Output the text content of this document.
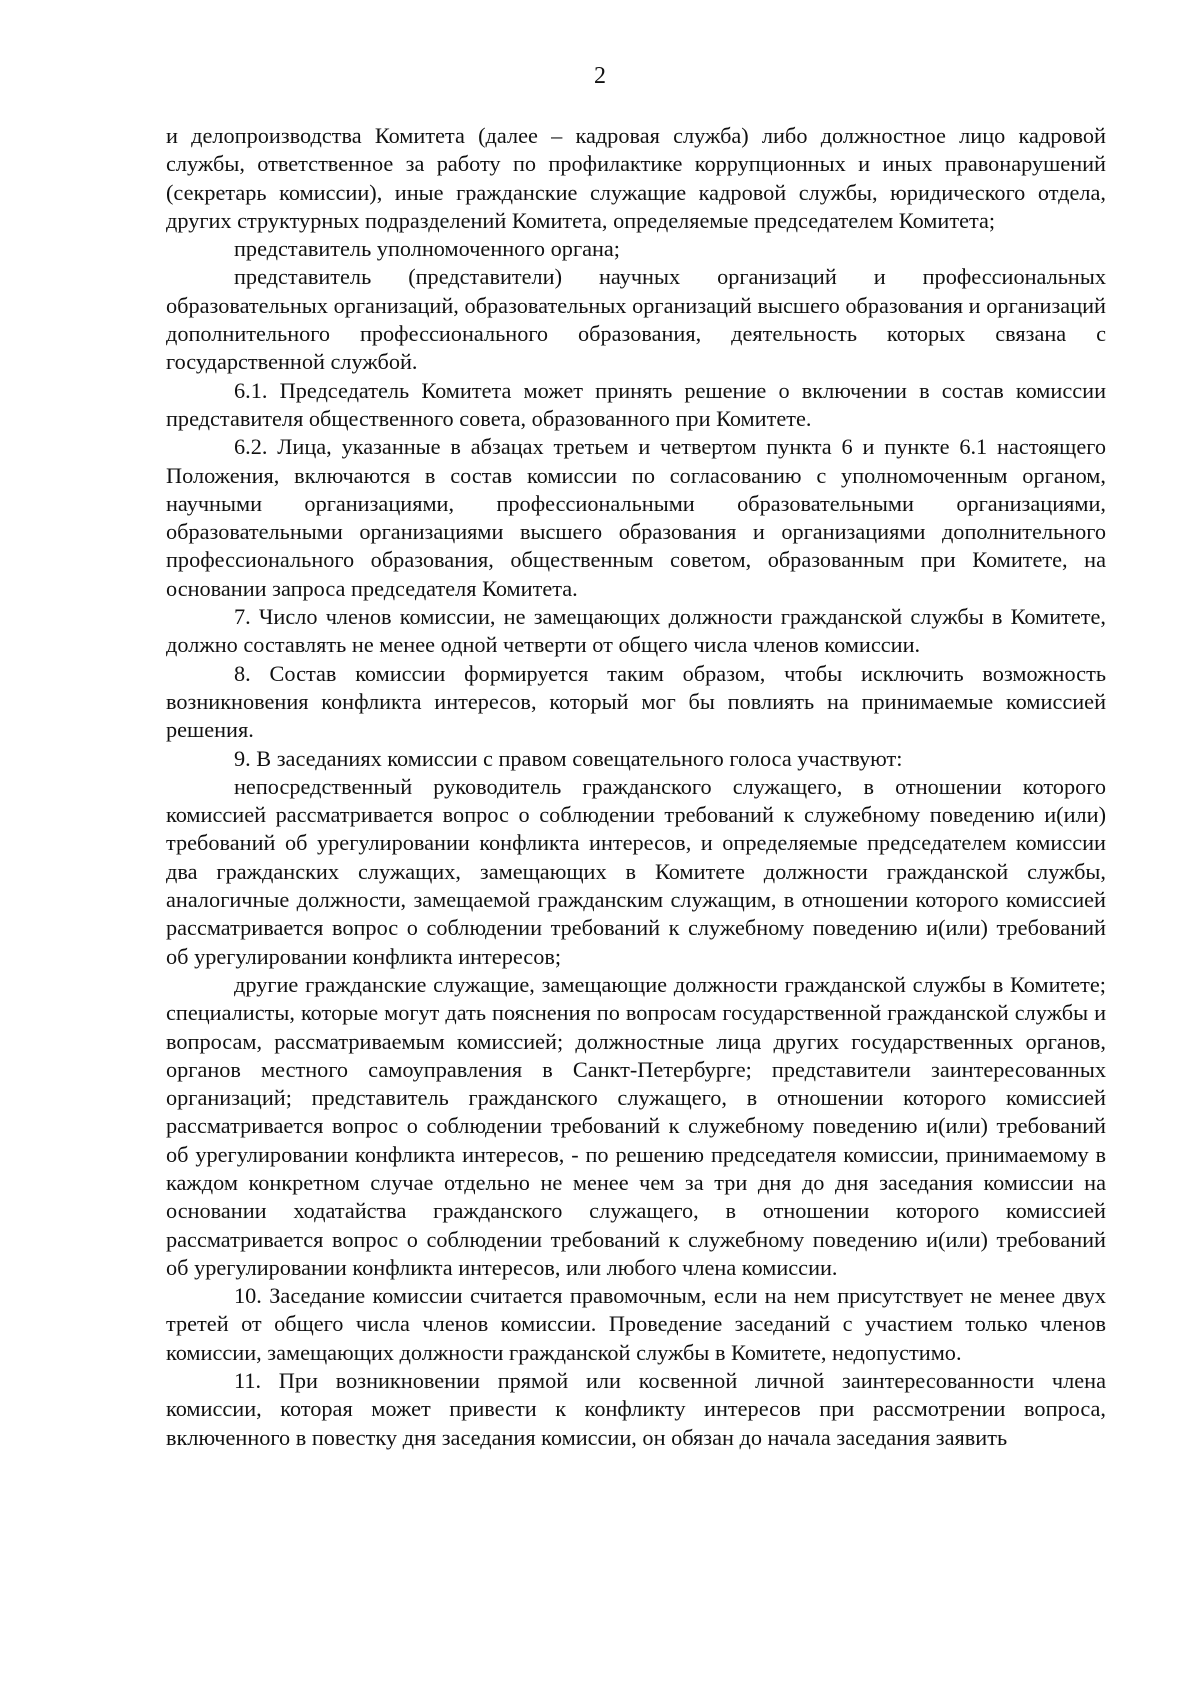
2

и делопроизводства Комитета (далее – кадровая служба) либо должностное лицо кадровой службы, ответственное за работу по профилактике коррупционных и иных правонарушений (секретарь комиссии), иные гражданские служащие кадровой службы, юридического отдела, других структурных подразделений Комитета, определяемые председателем Комитета;

представитель уполномоченного органа;

представитель (представители) научных организаций и профессиональных образовательных организаций, образовательных организаций высшего образования и организаций дополнительного профессионального образования, деятельность которых связана с государственной службой.

6.1. Председатель Комитета может принять решение о включении в состав комиссии представителя общественного совета, образованного при Комитете.

6.2. Лица, указанные в абзацах третьем и четвертом пункта 6 и пункте 6.1 настоящего Положения, включаются в состав комиссии по согласованию с уполномоченным органом, научными организациями, профессиональными образовательными организациями, образовательными организациями высшего образования и организациями дополнительного профессионального образования, общественным советом, образованным при Комитете, на основании запроса председателя Комитета.

7. Число членов комиссии, не замещающих должности гражданской службы в Комитете, должно составлять не менее одной четверти от общего числа членов комиссии.

8. Состав комиссии формируется таким образом, чтобы исключить возможность возникновения конфликта интересов, который мог бы повлиять на принимаемые комиссией решения.

9. В заседаниях комиссии с правом совещательного голоса участвуют:

непосредственный руководитель гражданского служащего, в отношении которого комиссией рассматривается вопрос о соблюдении требований к служебному поведению и(или) требований об урегулировании конфликта интересов, и определяемые председателем комиссии два гражданских служащих, замещающих в Комитете должности гражданской службы, аналогичные должности, замещаемой гражданским служащим, в отношении которого комиссией рассматривается вопрос о соблюдении требований к служебному поведению и(или) требований об урегулировании конфликта интересов;

другие гражданские служащие, замещающие должности гражданской службы в Комитете; специалисты, которые могут дать пояснения по вопросам государственной гражданской службы и вопросам, рассматриваемым комиссией; должностные лица других государственных органов, органов местного самоуправления в Санкт-Петербурге; представители заинтересованных организаций; представитель гражданского служащего, в отношении которого комиссией рассматривается вопрос о соблюдении требований к служебному поведению и(или) требований об урегулировании конфликта интересов, - по решению председателя комиссии, принимаемому в каждом конкретном случае отдельно не менее чем за три дня до дня заседания комиссии на основании ходатайства гражданского служащего, в отношении которого комиссией рассматривается вопрос о соблюдении требований к служебному поведению и(или) требований об урегулировании конфликта интересов, или любого члена комиссии.

10. Заседание комиссии считается правомочным, если на нем присутствует не менее двух третей от общего числа членов комиссии. Проведение заседаний с участием только членов комиссии, замещающих должности гражданской службы в Комитете, недопустимо.

11. При возникновении прямой или косвенной личной заинтересованности члена комиссии, которая может привести к конфликту интересов при рассмотрении вопроса, включенного в повестку дня заседания комиссии, он обязан до начала заседания заявить
